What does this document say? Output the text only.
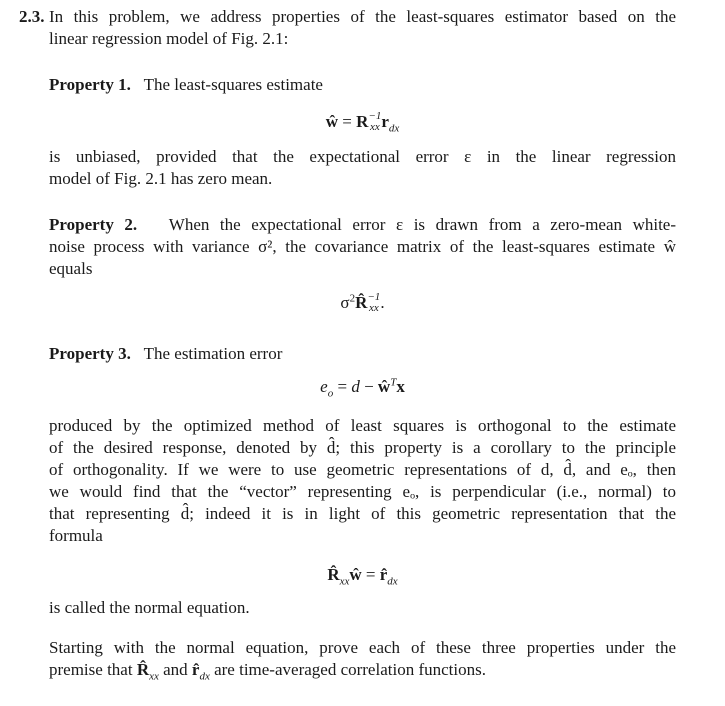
2.3. In this problem, we address properties of the least-squares estimator based on the
linear regression model of Fig. 2.1:
Property 1. The least-squares estimate
ŵ = R −1
xx $r_{dx}$
is unbiased, provided that the expectational error ε in the linear regression
model of Fig. 2.1 has zero mean.
Property 2. When the expectational error ε is drawn from a zero-mean white-
noise process with variance σ², the covariance matrix of the least-squares estimate ŵ
equals
$\sigma^2R̂ -1$
xx .
Property 3. The estimation error
$e_o = d$ − $ŵ^Tx$
produced by the optimized method of least squares is orthogonal to the estimate
of the desired response, denoted by d̂; this property is a corollary to the principle
of orthogonality. If we were to use geometric representations of d, d̂, and eₒ, then
we would find that the “vector” representing eₒ, is perpendicular (i.e., normal) to
that representing d̂; indeed it is in light of this geometric representation that the
formula
$R̂_{xx}ŵ$ = $r̂_{dx}$
is called the normal equation.
Starting with the normal equation, prove each of these three properties under the
premise that $R̂_{xx}$ and $r̂_{dx}$ are time-averaged correlation functions.
